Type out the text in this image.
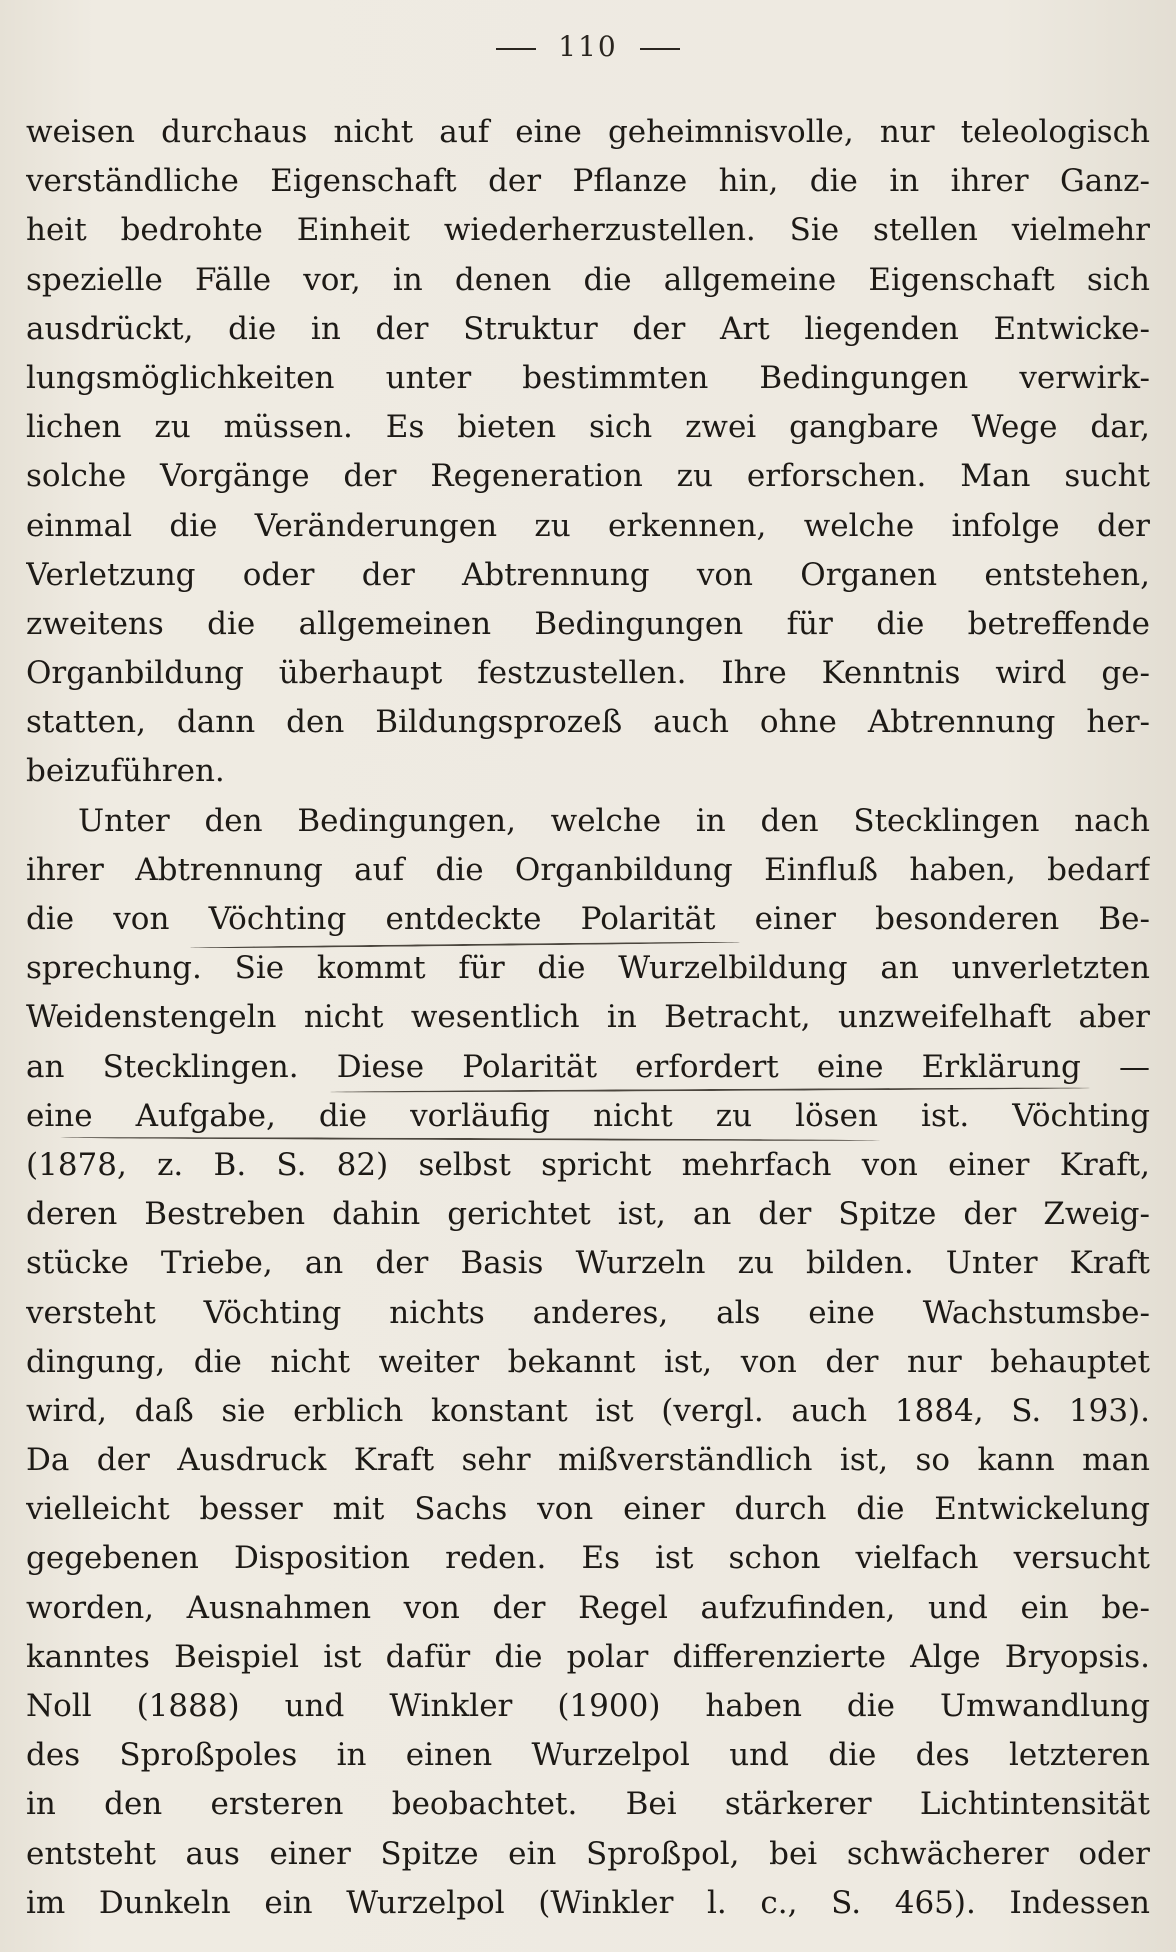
110
weisen durchaus nicht auf eine geheimnisvolle, nur teleologisch
verständliche Eigenschaft der Pflanze hin, die in ihrer Ganz-
heit bedrohte Einheit wiederherzustellen. Sie stellen vielmehr
spezielle Fälle vor, in denen die allgemeine Eigenschaft sich
ausdrückt, die in der Struktur der Art liegenden Entwicke-
lungsmöglichkeiten unter bestimmten Bedingungen verwirk-
lichen zu müssen. Es bieten sich zwei gangbare Wege dar,
solche Vorgänge der Regeneration zu erforschen. Man sucht
einmal die Veränderungen zu erkennen, welche infolge der
Verletzung oder der Abtrennung von Organen entstehen,
zweitens die allgemeinen Bedingungen für die betreffende
Organbildung überhaupt festzustellen. Ihre Kenntnis wird ge-
statten, dann den Bildungsprozeß auch ohne Abtrennung her-
beizuführen.
Unter den Bedingungen, welche in den Stecklingen nach
ihrer Abtrennung auf die Organbildung Einfluß haben, bedarf
die von Vöchting entdeckte Polarität einer besonderen Be-
sprechung. Sie kommt für die Wurzelbildung an unverletzten
Weidenstengeln nicht wesentlich in Betracht, unzweifelhaft aber
an Stecklingen. Diese Polarität erfordert eine Erklärung —
eine Aufgabe, die vorläufig nicht zu lösen ist. Vöchting
(1878, z. B. S. 82) selbst spricht mehrfach von einer Kraft,
deren Bestreben dahin gerichtet ist, an der Spitze der Zweig-
stücke Triebe, an der Basis Wurzeln zu bilden. Unter Kraft
versteht Vöchting nichts anderes, als eine Wachstumsbe-
dingung, die nicht weiter bekannt ist, von der nur behauptet
wird, daß sie erblich konstant ist (vergl. auch 1884, S. 193).
Da der Ausdruck Kraft sehr mißverständlich ist, so kann man
vielleicht besser mit Sachs von einer durch die Entwickelung
gegebenen Disposition reden. Es ist schon vielfach versucht
worden, Ausnahmen von der Regel aufzufinden, und ein be-
kanntes Beispiel ist dafür die polar differenzierte Alge Bryopsis.
Noll (1888) und Winkler (1900) haben die Umwandlung
des Sproßpoles in einen Wurzelpol und die des letzteren
in den ersteren beobachtet. Bei stärkerer Lichtintensität
entsteht aus einer Spitze ein Sproßpol, bei schwächerer oder
im Dunkeln ein Wurzelpol (Winkler l. c., S. 465). Indessen
